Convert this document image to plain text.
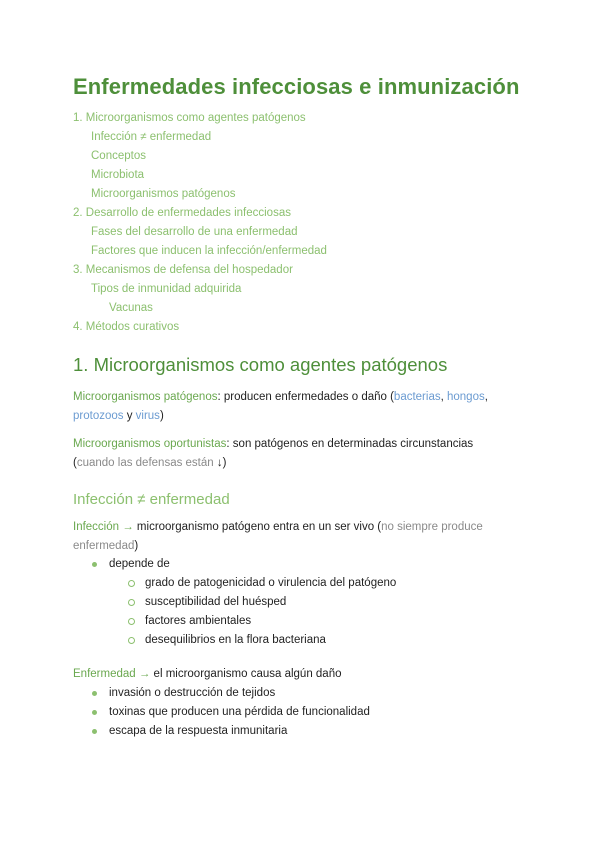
Enfermedades infecciosas e inmunización
1. Microorganismos como agentes patógenos
Infección ≠ enfermedad
Conceptos
Microbiota
Microorganismos patógenos
2. Desarrollo de enfermedades infecciosas
Fases del desarrollo de una enfermedad
Factores que inducen la infección/enfermedad
3. Mecanismos de defensa del hospedador
Tipos de inmunidad adquirida
Vacunas
4. Métodos curativos
1. Microorganismos como agentes patógenos
Microorganismos patógenos: producen enfermedades o daño (bacterias, hongos,
protozoos y virus)
Microorganismos oportunistas: son patógenos en determinadas circunstancias
(cuando las defensas están ↓)
Infección ≠ enfermedad
Infección → microorganismo patógeno entra en un ser vivo (no siempre produce
enfermedad)
depende de
grado de patogenicidad o virulencia del patógeno
susceptibilidad del huésped
factores ambientales
desequilibrios en la flora bacteriana
Enfermedad → el microorganismo causa algún daño
invasión o destrucción de tejidos
toxinas que producen una pérdida de funcionalidad
escapa de la respuesta inmunitaria
